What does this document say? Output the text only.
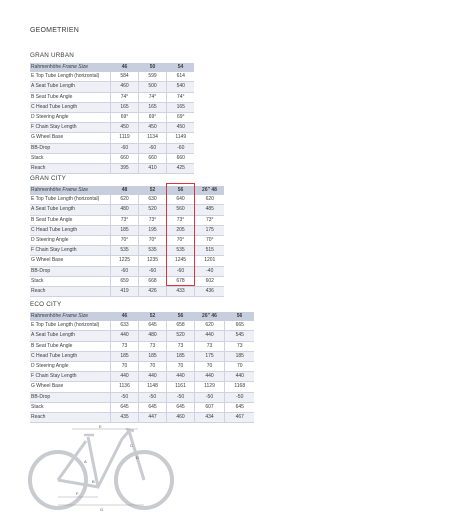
GEOMETRIEN
GRAN URBAN
Rahmenhöhe Frame Size	46	50	54
E Top Tube Length (horizontal)	584	599	614
A Seat Tube Length	460	500	540
B Seat Tube Angle	74°	74°	74°
C Head Tube Length	165	165	165
D Steering Angle	69°	69°	69°
F Chain Stay Length	450	450	450
G Wheel Base	1119	1134	1149
BB-Drop	-60	-60	-60
Stack	660	660	660
Reach	395	410	425
GRAN CITY
Rahmenhöhe Frame Size	48	52	56	26" 48
E Top Tube Length (horizontal)	620	630	640	620
A Seat Tube Length	480	520	560	485
B Seat Tube Angle	73°	73°	73°	73°
C Head Tube Length	185	195	205	175
D Steering Angle	70°	70°	70°	70°
F Chain Stay Length	535	535	535	515
G Wheel Base	1225	1235	1245	1201
BB-Drop	-60	-60	-60	-40
Stack	659	668	678	602
Reach	419	426	433	436
ECO CITY
Rahmenhöhe Frame Size	46	52	56	26" 46	56
E Top Tube Length (horizontal)	633	645	658	620	665
A Seat Tube Length	440	480	520	440	545
B Seat Tube Angle	73	73	73	73	73
C Head Tube Length	185	185	185	175	185
D Steering Angle	70	70	70	70	70
F Chain Stay Length	440	440	440	440	440
G Wheel Base	1136	1148	1161	1129	1168
BB-Drop	-50	-50	-50	-50	-50
Stack	645	645	645	607	645
Reach	435	447	460	434	467
E
C
A
D
B
G
F
